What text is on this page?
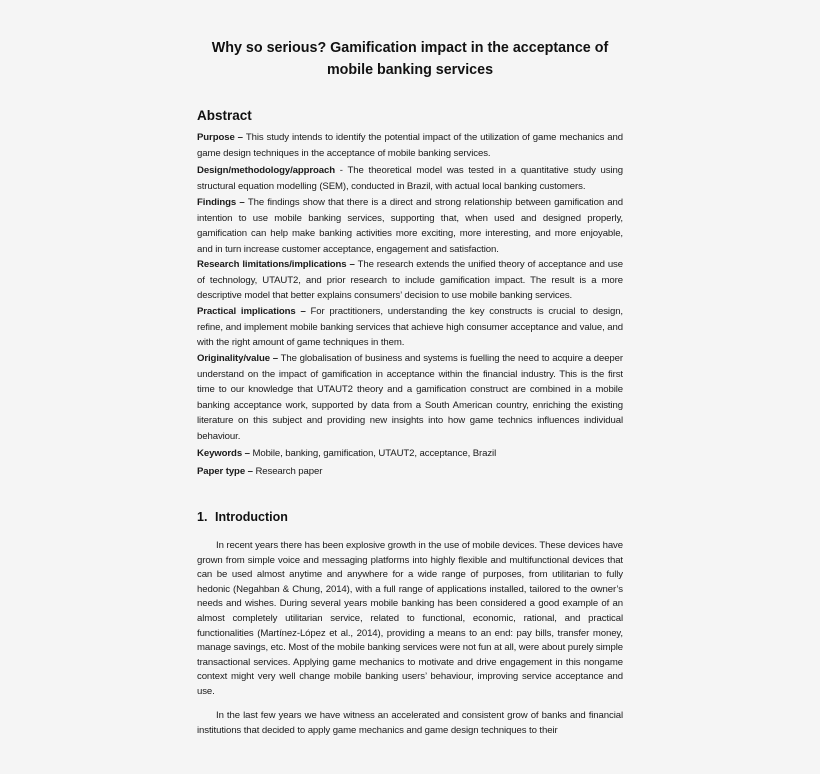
Why so serious? Gamification impact in the acceptance of
mobile banking services
Abstract
Purpose – This study intends to identify the potential impact of the utilization of game mechanics and game design techniques in the acceptance of mobile banking services.
Design/methodology/approach - The theoretical model was tested in a quantitative study using structural equation modelling (SEM), conducted in Brazil, with actual local banking customers.
Findings – The findings show that there is a direct and strong relationship between gamification and intention to use mobile banking services, supporting that, when used and designed properly, gamification can help make banking activities more exciting, more interesting, and more enjoyable, and in turn increase customer acceptance, engagement and satisfaction.
Research limitations/implications – The research extends the unified theory of acceptance and use of technology, UTAUT2, and prior research to include gamification impact. The result is a more descriptive model that better explains consumers’ decision to use mobile banking services.
Practical implications – For practitioners, understanding the key constructs is crucial to design, refine, and implement mobile banking services that achieve high consumer acceptance and value, and with the right amount of game techniques in them.
Originality/value – The globalisation of business and systems is fuelling the need to acquire a deeper understand on the impact of gamification in acceptance within the financial industry. This is the first time to our knowledge that UTAUT2 theory and a gamification construct are combined in a mobile banking acceptance work, supported by data from a South American country, enriching the existing literature on this subject and providing new insights into how game technics influences individual behaviour.
Keywords – Mobile, banking, gamification, UTAUT2, acceptance, Brazil
Paper type – Research paper
1. Introduction
In recent years there has been explosive growth in the use of mobile devices. These devices have grown from simple voice and messaging platforms into highly flexible and multifunctional devices that can be used almost anytime and anywhere for a wide range of purposes, from utilitarian to fully hedonic (Negahban & Chung, 2014), with a full range of applications installed, tailored to the owner’s needs and wishes. During several years mobile banking has been considered a good example of an almost completely utilitarian service, related to functional, economic, rational, and practical functionalities (Martínez-López et al., 2014), providing a means to an end: pay bills, transfer money, manage savings, etc. Most of the mobile banking services were not fun at all, were about purely simple transactional services. Applying game mechanics to motivate and drive engagement in this nongame context might very well change mobile banking users’ behaviour, improving service acceptance and use.
In the last few years we have witness an accelerated and consistent grow of banks and financial institutions that decided to apply game mechanics and game design techniques to their
